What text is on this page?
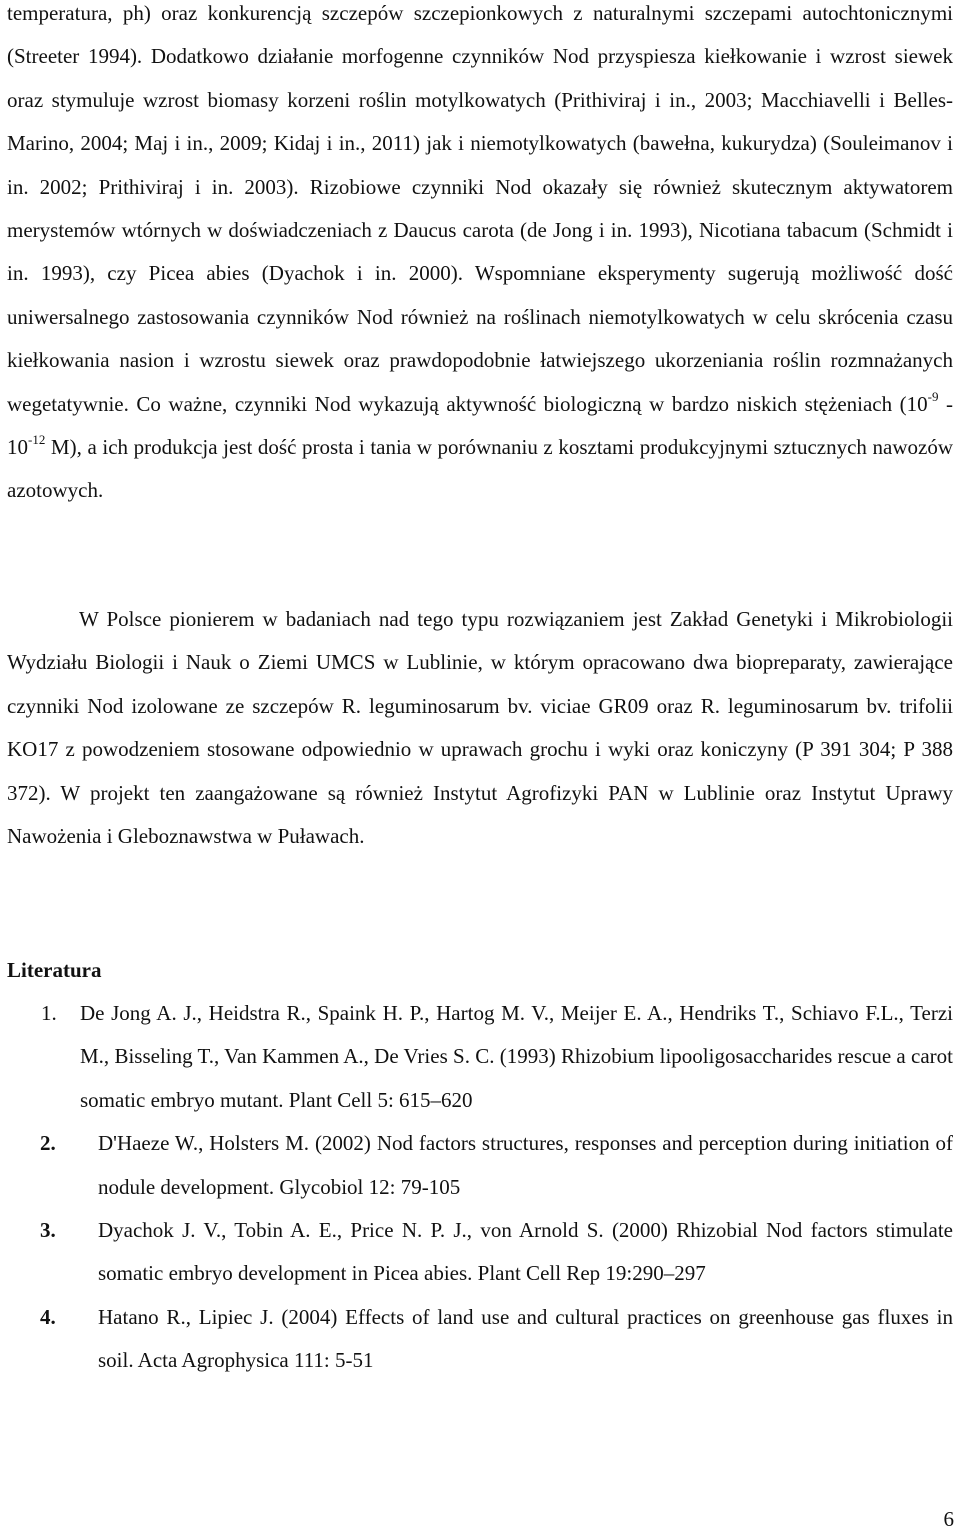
temperatura, ph) oraz konkurencją szczepów szczepionkowych z naturalnymi szczepami autochtonicznymi (Streeter 1994). Dodatkowo działanie morfogenne czynników Nod przyspiesza kiełkowanie i wzrost siewek oraz stymuluje wzrost biomasy korzeni roślin motylkowatych (Prithiviraj i in., 2003; Macchiavelli i Belles-Marino, 2004; Maj i in., 2009; Kidaj i in., 2011) jak i niemotylkowatych (bawełna, kukurydza) (Souleimanov i in. 2002; Prithiviraj i in. 2003). Rizobiowe czynniki Nod okazały się również skutecznym aktywatorem merystemów wtórnych w doświadczeniach z Daucus carota (de Jong i in. 1993), Nicotiana tabacum (Schmidt i in. 1993), czy Picea abies (Dyachok i in. 2000). Wspomniane eksperymenty sugerują możliwość dość uniwersalnego zastosowania czynników Nod również na roślinach niemotylkowatych w celu skrócenia czasu kiełkowania nasion i wzrostu siewek oraz prawdopodobnie łatwiejszego ukorzeniania roślin rozmnażanych wegetatywnie. Co ważne, czynniki Nod wykazują aktywność biologiczną w bardzo niskich stężeniach ($10^{-9} - 10^{-12}$ M), a ich produkcja jest dość prosta i tania w porównaniu z kosztami produkcyjnymi sztucznych nawozów azotowych.

W Polsce pionierem w badaniach nad tego typu rozwiązaniem jest Zakład Genetyki i Mikrobiologii Wydziału Biologii i Nauk o Ziemi UMCS w Lublinie, w którym opracowano dwa biopreparaty, zawierające czynniki Nod izolowane ze szczepów R. leguminosarum bv. viciae GR09 oraz R. leguminosarum bv. trifolii KO17 z powodzeniem stosowane odpowiednio w uprawach grochu i wyki oraz koniczyny (P 391 304; P 388 372). W projekt ten zaangażowane są również Instytut Agrofizyki PAN w Lublinie oraz Instytut Uprawy Nawożenia i Gleboznawstwa w Puławach.

Literatura
1.	De Jong A. J., Heidstra R., Spaink H. P., Hartog M. V., Meijer E. A., Hendriks T., Schiavo F.L., Terzi M., Bisseling T., Van Kammen A., De Vries S. C. (1993) Rhizobium lipooligosaccharides rescue a carot somatic embryo mutant. Plant Cell 5: 615–620
2.	D'Haeze W., Holsters M. (2002) Nod factors structures, responses and perception during initiation of nodule development. Glycobiol 12: 79-105
3.	Dyachok J. V., Tobin A. E., Price N. P. J., von Arnold S. (2000) Rhizobial Nod factors stimulate somatic embryo development in Picea abies. Plant Cell Rep 19:290–297
4.	Hatano R., Lipiec J. (2004) Effects of land use and cultural practices on greenhouse gas fluxes in soil. Acta Agrophysica 111: 5-51

6
